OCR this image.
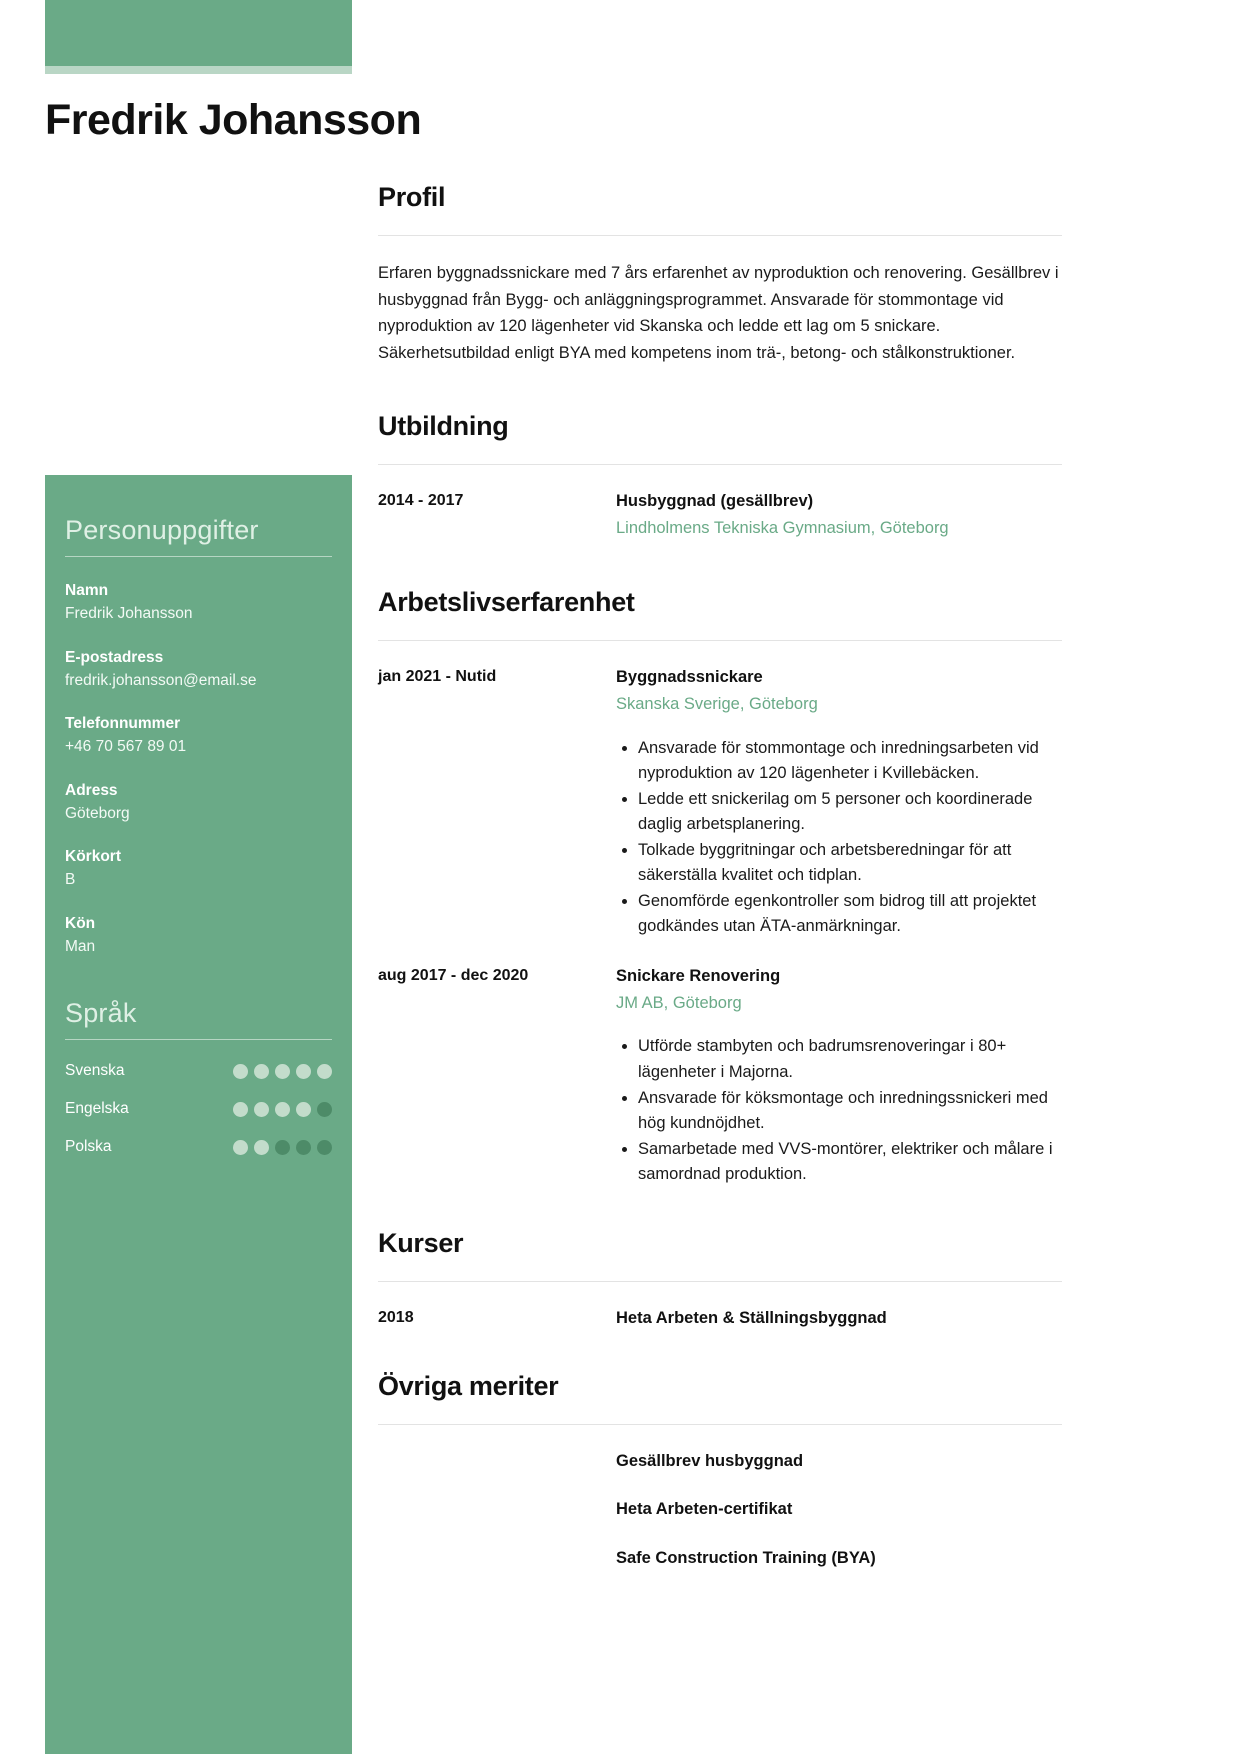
Fredrik Johansson
Personuppgifter
Namn
Fredrik Johansson
E-postadress
fredrik.johansson@email.se
Telefonnummer
+46 70 567 89 01
Adress
Göteborg
Körkort
B
Kön
Man
Språk
Svenska
Engelska
Polska
Profil

Erfaren byggnadssnickare med 7 års erfarenhet av nyproduktion och renovering. Gesällbrev i husbyggnad från Bygg- och anläggningsprogrammet. Ansvarade för stommontage vid nyproduktion av 120 lägenheter vid Skanska och ledde ett lag om 5 snickare. Säkerhetsutbildad enligt BYA med kompetens inom trä-, betong- och stålkonstruktioner.

Utbildning
2014 - 2017	Husbyggnad (gesällbrev)
Lindholmens Tekniska Gymnasium, Göteborg
Arbetslivserfarenhet
jan 2021 - Nutid	Byggnadssnickare
Skanska Sverige, Göteborg
• Ansvarade för stommontage och inredningsarbeten vid nyproduktion av 120 lägenheter i Kvillebäcken.
• Ledde ett snickerilag om 5 personer och koordinerade daglig arbetsplanering.
• Tolkade byggritningar och arbetsberedningar för att säkerställa kvalitet och tidplan.
• Genomförde egenkontroller som bidrog till att projektet godkändes utan ÄTA-anmärkningar.
aug 2017 - dec 2020	Snickare Renovering
JM AB, Göteborg
• Utförde stambyten och badrumsrenoveringar i 80+ lägenheter i Majorna.
• Ansvarade för köksmontage och inredningssnickeri med hög kundnöjdhet.
• Samarbetade med VVS-montörer, elektriker och målare i samordnad produktion.
Kurser
2018	Heta Arbeten & Ställningsbyggnad
Övriga meriter
Gesällbrev husbyggnad
Heta Arbeten-certifikat
Safe Construction Training (BYA)
